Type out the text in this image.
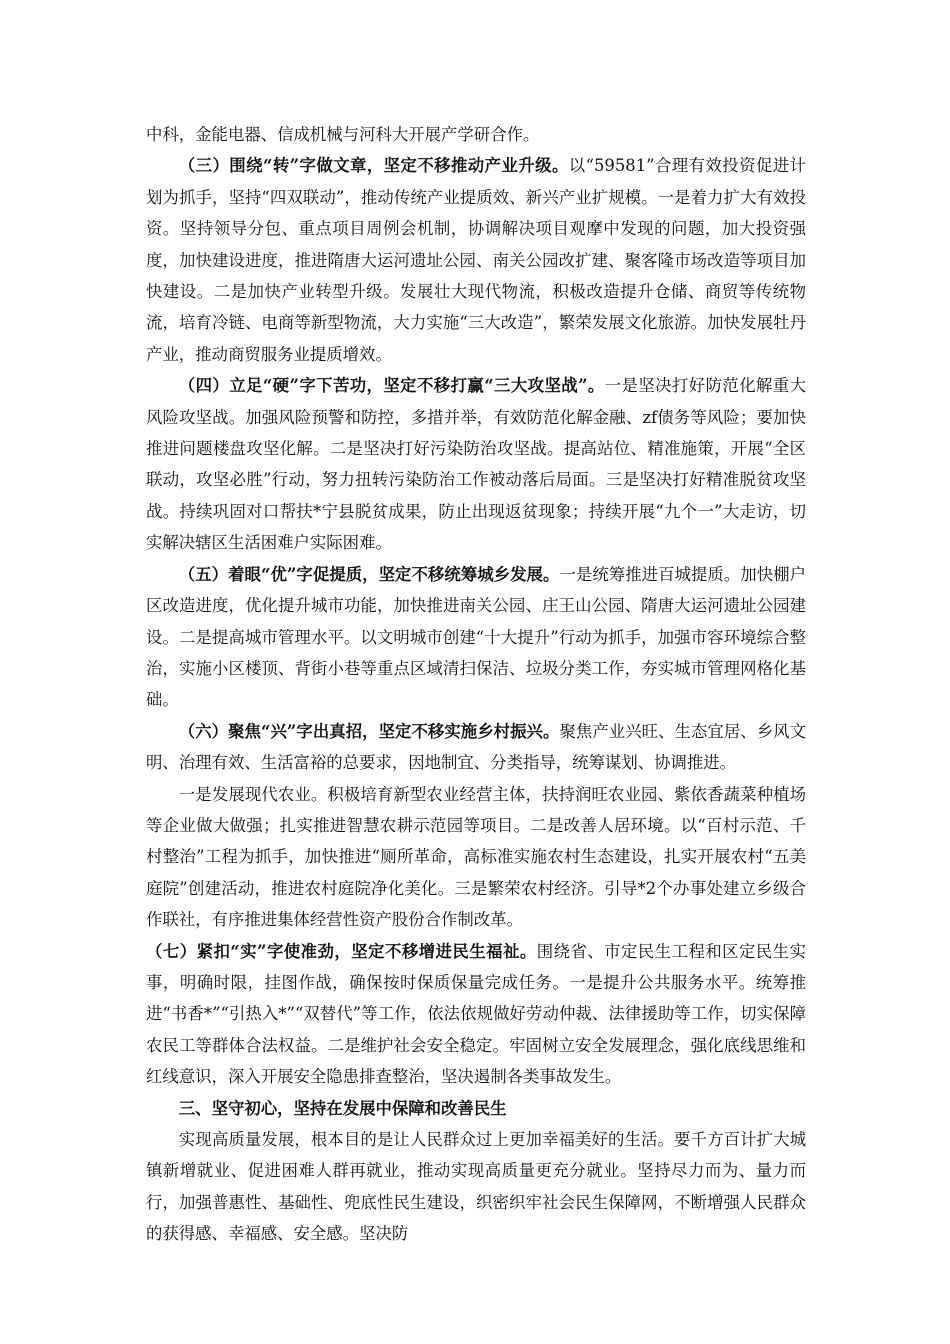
中科，金能电器、信成机械与河科大开展产学研合作。

（三）围绕“转”字做文章，坚定不移推动产业升级。以“59581”合理有效投资促进计划为抓手，坚持“四双联动”，推动传统产业提质效、新兴产业扩规模。一是着力扩大有效投资。坚持领导分包、重点项目周例会机制，协调解决项目观摩中发现的问题，加大投资强度，加快建设进度，推进隋唐大运河遗址公园、南关公园改扩建、聚客隆市场改造等项目加快建设。二是加快产业转型升级。发展壮大现代物流，积极改造提升仓储、商贸等传统物流，培育冷链、电商等新型物流，大力实施“三大改造”，繁荣发展文化旅游。加快发展牡丹产业，推动商贸服务业提质增效。

（四）立足“硬”字下苦功，坚定不移打赢“三大攻坚战”。一是坚决打好防范化解重大风险攻坚战。加强风险预警和防控，多措并举，有效防范化解金融、zf债务等风险；要加快推进问题楼盘攻坚化解。二是坚决打好污染防治攻坚战。提高站位、精准施策，开展“全区联动，攻坚必胜”行动，努力扭转污染防治工作被动落后局面。三是坚决打好精准脱贫攻坚战。持续巩固对口帮扶*宁县脱贫成果，防止出现返贫现象；持续开展“九个一”大走访，切实解决辖区生活困难户实际困难。

（五）着眼“优”字促提质，坚定不移统筹城乡发展。一是统筹推进百城提质。加快棚户区改造进度，优化提升城市功能，加快推进南关公园、庄王山公园、隋唐大运河遗址公园建设。二是提高城市管理水平。以文明城市创建“十大提升”行动为抓手，加强市容环境综合整治，实施小区楼顶、背街小巷等重点区域清扫保洁、垃圾分类工作，夯实城市管理网格化基础。

（六）聚焦“兴”字出真招，坚定不移实施乡村振兴。聚焦产业兴旺、生态宜居、乡风文明、治理有效、生活富裕的总要求，因地制宜、分类指导，统筹谋划、协调推进。

一是发展现代农业。积极培育新型农业经营主体，扶持润旺农业园、紫依香蔬菜种植场等企业做大做强；扎实推进智慧农耕示范园等项目。二是改善人居环境。以“百村示范、千村整治”工程为抓手，加快推进“厕所革命，高标准实施农村生态建设，扎实开展农村“五美庭院”创建活动，推进农村庭院净化美化。三是繁荣农村经济。引导*2个办事处建立乡级合作联社，有序推进集体经营性资产股份合作制改革。

（七）紧扣“实”字使准劲，坚定不移增进民生福祉。围绕省、市定民生工程和区定民生实事，明确时限，挂图作战，确保按时保质保量完成任务。一是提升公共服务水平。统筹推进“书香*”“引热入*”“双替代”等工作，依法依规做好劳动仲裁、法律援助等工作，切实保障农民工等群体合法权益。二是维护社会安全稳定。牢固树立安全发展理念，强化底线思维和红线意识，深入开展安全隐患排查整治，坚决遏制各类事故发生。

三、坚守初心，坚持在发展中保障和改善民生

实现高质量发展，根本目的是让人民群众过上更加幸福美好的生活。要千方百计扩大城镇新增就业、促进困难人群再就业，推动实现高质量更充分就业。坚持尽力而为、量力而行，加强普惠性、基础性、兜底性民生建设，织密织牢社会民生保障网，不断增强人民群众的获得感、幸福感、安全感。坚决防
